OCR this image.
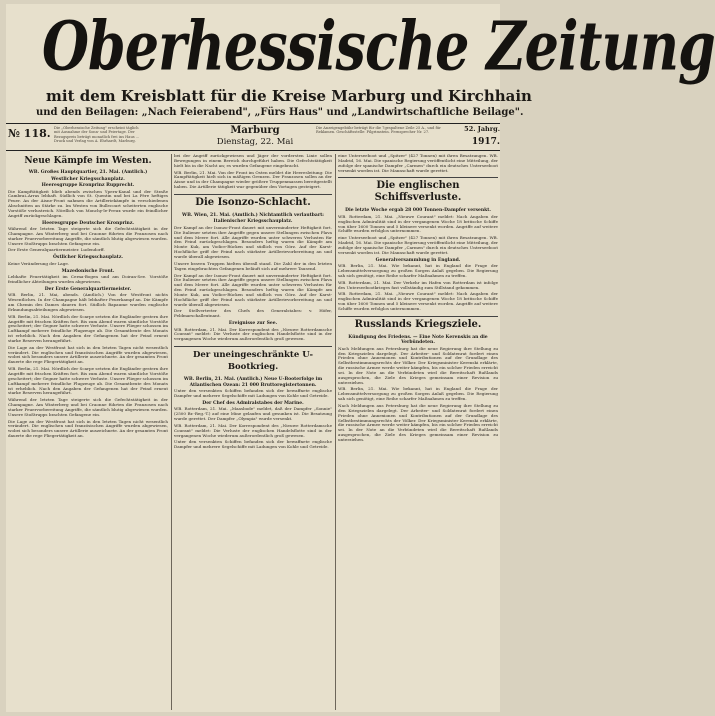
Oberhessische Zeitung
mit dem Kreisblatt für die Kreise Marburg und Kirchhain
und den Beilagen: „Nach Feierabend", „Fürs Haus" und „Landwirtschaftliche Beilage".
№ 118. Die „Oberhessische Zeitung" erscheint täglich mit Ausnahme der Sonn- und Feiertage. Der Bezugspreis beträgt monatlich frei ins Haus ... Druck und Verlag von A. Ehrhardt, Marburg.
Marburg
Dienstag, 22. Mai
Die Anzeigengebühr beträgt für die 7gespaltene Zeile 25 A., und für Reklamen. Geschäftsstelle: Pilgrimstein. Fernsprecher Nr. 27.	52. Jahrg.
1917.
Neue Kämpfe im Westen.
WB. Großes Hauptquartier, 21. Mai. (Amtlich.)
Westlicher Kriegsschauplatz.
Heeresgruppe Kronprinz Rupprecht.

Die Kampftätigkeit blieb abends zwischen Ypern-Kanal und der Straße Cambrai–Arras lebhaft. Südlich von St. Quentin und bei La Fère heftiges Feuer. An der Aisne-Front nahmen die Artilleriekämpfe in verschiedenen Abschnitten an Stärke zu. Im Westen von Bullecourt scheiterten englische Vorstöße verlustreich. Nördlich von Monchy-le-Preux wurde ein feindlicher Angriff zurückgeschlagen.

Heeresgruppe Deutscher Kronprinz.

Während der letzten Tage steigerte sich die Gefechtstätigkeit in der Champagne. Am Winterberg und bei Craonne führten die Franzosen nach starker Feuervorbereitung Angriffe, die sämtlich blutig abgewiesen wurden. Unsere Stoßtrupps brachten Gefangene ein.

Der Erste Generalquartiermeister. Ludendorff.

Östlicher Kriegsschauplatz.

Keine Veränderung der Lage.

Mazedonische Front.

Lebhafte Feuertätigkeit im Cerna-Bogen und am Doiran-See. Vorstöße feindlicher Abteilungen wurden abgewiesen.

Der Erste Generalquartiermeister.

WB. Berlin, 21. Mai, abends. (Amtlich.) Von der Westfront nichts Wesentliches. In der Champagne hält lebhafter Feuerkampf an. Die Kämpfe am Chemin des Dames dauern fort. Südlich Bapaume wurden englische Erkundungsabteilungen abgewiesen.

WB. Berlin, 21. Mai. Nördlich der Scarpe setzten die Engländer gestern ihre Angriffe mit frischen Kräften fort. Bis zum Abend waren sämtliche Vorstöße gescheitert; der Gegner hatte schwere Verluste. Unsere Flieger schossen im Luftkampf mehrere feindliche Flugzeuge ab. Die Gesamtbeute des Monats ist erheblich. Nach den Angaben der Gefangenen hat der Feind erneut starke Reserven herangeführt.

Die Lage an der Westfront hat sich in den letzten Tagen nicht wesentlich verändert. Die englischen und französischen Angriffe wurden abgewiesen, wobei sich besonders unsere Artillerie auszeichnete. An der gesamten Front dauerte die rege Fliegertätigkeit an.

WB. Berlin, 21. Mai. Nördlich der Scarpe setzten die Engländer gestern ihre Angriffe mit frischen Kräften fort. Bis zum Abend waren sämtliche Vorstöße gescheitert; der Gegner hatte schwere Verluste. Unsere Flieger schossen im Luftkampf mehrere feindliche Flugzeuge ab. Die Gesamtbeute des Monats ist erheblich. Nach den Angaben der Gefangenen hat der Feind erneut starke Reserven herangeführt.

Während der letzten Tage steigerte sich die Gefechtstätigkeit in der Champagne. Am Winterberg und bei Craonne führten die Franzosen nach starker Feuervorbereitung Angriffe, die sämtlich blutig abgewiesen wurden. Unsere Stoßtrupps brachten Gefangene ein.

Die Lage an der Westfront hat sich in den letzten Tagen nicht wesentlich verändert. Die englischen und französischen Angriffe wurden abgewiesen, wobei sich besonders unsere Artillerie auszeichnete. An der gesamten Front dauerte die rege Fliegertätigkeit an.

bei der Angriff zurückgewiesen und Jäger der vordersten Linie sollen Bewegungen in einem Bereich durchgeführt haben. Die Gefechtstätigkeit hielt bis in die Nacht an; es wurden Gefangene eingebracht.

WB. Berlin, 21. Mai. Von der Front im Osten meldet die Heeresleitung: Die Kampftätigkeit hielt sich in mäßigen Grenzen. Der Franzosen sollen an der Aisne und in der Champagne wieder größere Truppenmassen bereitgestellt haben. Die Artillerie tätigkeit war gegenüber den Vortagen gesteigert.

Die Isonzo-Schlacht.
WB. Wien, 21. Mai. (Amtlich.) Nichtamtlich verlautbart:
Italienischer Kriegsschauplatz.

Der Kampf an der Isonzo-Front dauert mit unverminderter Heftigkeit fort. Die Italiener setzten ihre Angriffe gegen unsere Stellungen zwischen Plava und dem Meere fort. Alle Angriffe wurden unter schweren Verlusten für den Feind zurückgeschlagen. Besonders heftig waren die Kämpfe am Monte Kuk, am Vodice-Rücken und südlich von Görz. Auf der Karst-Hochfläche griff der Feind nach stärkster Artillerievorbereitung an und wurde überall abgewiesen.

Unsere braven Truppen hielten überall stand. Die Zahl der in den letzten Tagen eingebrachten Gefangenen beläuft sich auf mehrere Tausend.

Der Kampf an der Isonzo-Front dauert mit unverminderter Heftigkeit fort. Die Italiener setzten ihre Angriffe gegen unsere Stellungen zwischen Plava und dem Meere fort. Alle Angriffe wurden unter schweren Verlusten für den Feind zurückgeschlagen. Besonders heftig waren die Kämpfe am Monte Kuk, am Vodice-Rücken und südlich von Görz. Auf der Karst-Hochfläche griff der Feind nach stärkster Artillerievorbereitung an und wurde überall abgewiesen.

Der Stellvertreter des Chefs des Generalstabes: v. Höfer, Feldmarschalleutnant.

Ereignisse zur See.

WB. Rotterdam, 21. Mai. Der Korrespondent des „Nieuwe Rotterdamsche Courant" meldet: Die Verluste der englischen Handelsflotte sind in der vergangenen Woche wiederum außerordentlich groß gewesen.

Der uneingeschränkte U-Bootkrieg.
WB. Berlin, 21. Mai. (Amtlich.) Neue U-Booterfolge im Atlantischen Ozean: 21 000 Bruttoregistertonnen.

Unter den versenkten Schiffen befanden sich der bewaffnete englische Dampfer und mehrere Segelschiffe mit Ladungen von Kohle und Getreide.

Der Chef des Admiralstabes der Marine.

WB. Rotterdam, 21. Mai. „Maasbode" meldet, daß der Dampfer „Sonnie" (2500 Br.-Reg.-T.) auf eine Mine gelaufen und gesunken ist. Die Besatzung wurde gerettet. Der Dampfer „Olympia" wurde versenkt.

WB. Rotterdam, 21. Mai. Der Korrespondent des „Nieuwe Rotterdamsche Courant" meldet: Die Verluste der englischen Handelsflotte sind in der vergangenen Woche wiederum außerordentlich groß gewesen.

Unter den versenkten Schiffen befanden sich der bewaffnete englische Dampfer und mehrere Segelschiffe mit Ladungen von Kohle und Getreide.

eine Unterseeboot und „Spitzer" (427 Tonnen) mit ihren Besatzungen. WB. Madrid, 16. Mai. Die spanische Regierung veröffentlicht eine Mitteilung, der zufolge der spanische Dampfer „Carmen" durch ein deutsches Unterseeboot versenkt worden ist. Die Mannschaft wurde gerettet.

Die englischen Schiffsverluste.
Die letzte Woche ergab 28 000 Tonnen-Dampfer versenkt.

WB. Rotterdam, 21. Mai. „Nieuwe Courant" meldet: Nach Angaben der englischen Admiralität sind in der vergangenen Woche 18 britische Schiffe von über 1600 Tonnen und 5 kleinere versenkt worden. Angriffe auf weitere Schiffe wurden erfolglos unternommen.

eine Unterseeboot und „Spitzer" (427 Tonnen) mit ihren Besatzungen. WB. Madrid, 16. Mai. Die spanische Regierung veröffentlicht eine Mitteilung, der zufolge der spanische Dampfer „Carmen" durch ein deutsches Unterseeboot versenkt worden ist. Die Mannschaft wurde gerettet.

Generalversammlung in England.

WB. Berlin, 21. Mai. Wie bekannt, hat in England die Frage der Lebensmittelversorgung zu großen Sorgen Anlaß gegeben. Die Regierung sah sich genötigt, eine Reihe scharfer Maßnahmen zu treffen.

WB. Rotterdam, 21. Mai. Der Verkehr im Hafen von Rotterdam ist infolge des Unterseebootkrieges fast vollständig zum Stillstand gekommen.

WB. Rotterdam, 21. Mai. „Nieuwe Courant" meldet: Nach Angaben der englischen Admiralität sind in der vergangenen Woche 18 britische Schiffe von über 1600 Tonnen und 5 kleinere versenkt worden. Angriffe auf weitere Schiffe wurden erfolglos unternommen.

Russlands Kriegsziele.
Kündigung des Friedens. — Eine Note Kerenskis an die Verbündeten.

Nach Meldungen aus Petersburg hat die neue Regierung ihre Stellung zu den Kriegszielen dargelegt. Der Arbeiter- und Soldatenrat fordert einen Frieden ohne Annexionen und Kontributionen auf der Grundlage des Selbstbestimmungsrechts der Völker. Der Kriegsminister Kerenski erklärte, die russische Armee werde weiter kämpfen, bis ein solcher Frieden erreicht sei. In der Note an die Verbündeten wird die Bereitschaft Rußlands ausgesprochen, die Ziele des Krieges gemeinsam einer Revision zu unterziehen.

WB. Berlin, 21. Mai. Wie bekannt, hat in England die Frage der Lebensmittelversorgung zu großen Sorgen Anlaß gegeben. Die Regierung sah sich genötigt, eine Reihe scharfer Maßnahmen zu treffen.

Nach Meldungen aus Petersburg hat die neue Regierung ihre Stellung zu den Kriegszielen dargelegt. Der Arbeiter- und Soldatenrat fordert einen Frieden ohne Annexionen und Kontributionen auf der Grundlage des Selbstbestimmungsrechts der Völker. Der Kriegsminister Kerenski erklärte, die russische Armee werde weiter kämpfen, bis ein solcher Frieden erreicht sei. In der Note an die Verbündeten wird die Bereitschaft Rußlands ausgesprochen, die Ziele des Krieges gemeinsam einer Revision zu unterziehen.
